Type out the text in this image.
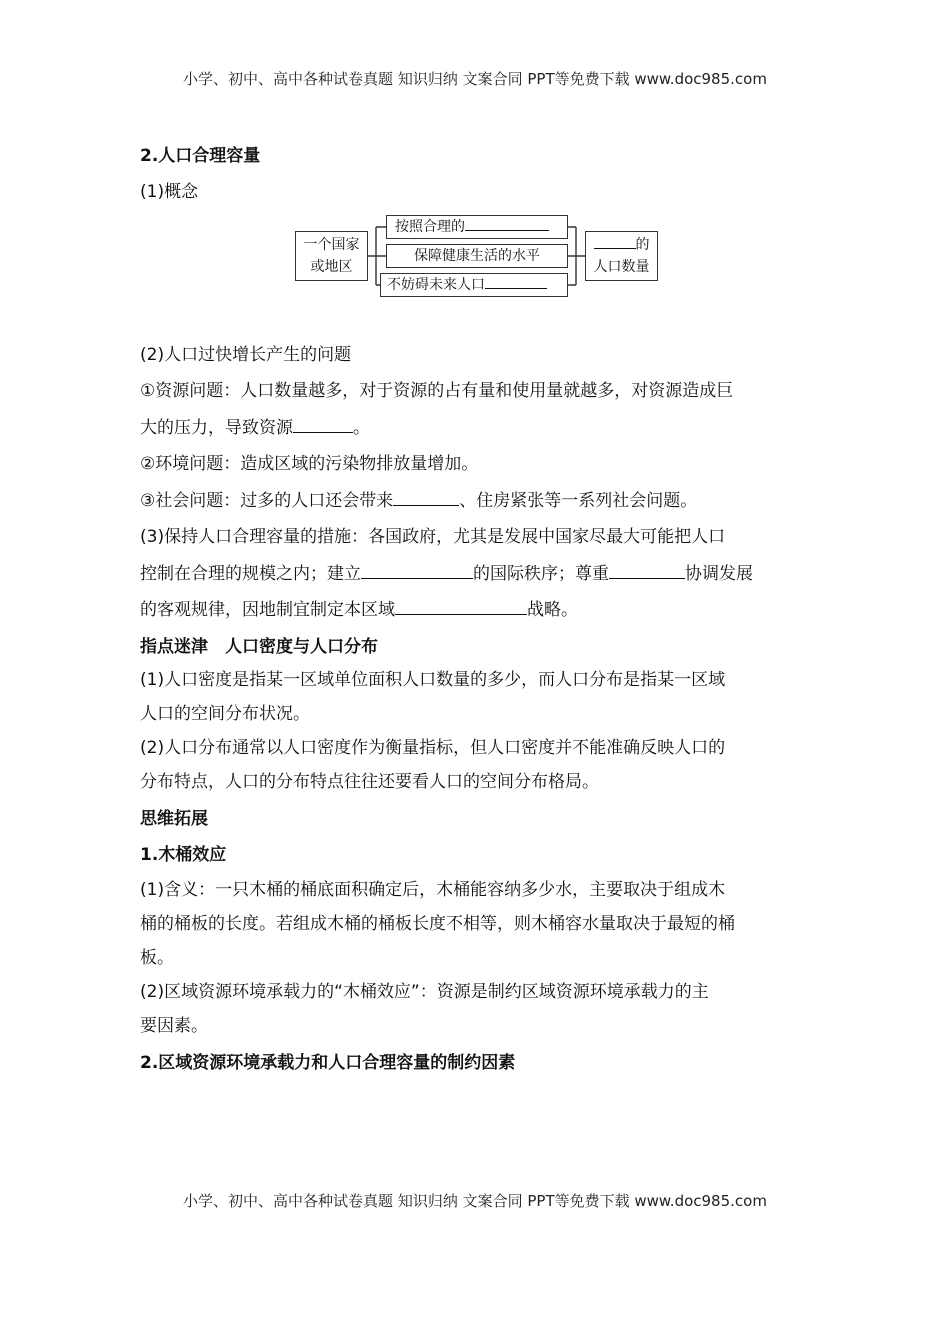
小学、初中、高中各种试卷真题 知识归纳 文案合同 PPT等免费下载 www.doc985.com

2.人口合理容量

(1)概念

一个国家
或地区
按照合理的
保障健康生活的水平
不妨碍未来人口
的
人口数量

(2)人口过快增长产生的问题

①资源问题：人口数量越多，对于资源的占有量和使用量就越多，对资源造成巨
大的压力，导致资源	。

②环境问题：造成区域的污染物排放量增加。

③社会问题：过多的人口还会带来	、住房紧张等一系列社会问题。

(3)保持人口合理容量的措施：各国政府，尤其是发展中国家尽最大可能把人口
控制在合理的规模之内；建立	的国际秩序；尊重	协调发展
的客观规律，因地制宜制定本区域	战略。

指点迷津　人口密度与人口分布

(1)人口密度是指某一区域单位面积人口数量的多少，而人口分布是指某一区域
人口的空间分布状况。

(2)人口分布通常以人口密度作为衡量指标，但人口密度并不能准确反映人口的
分布特点，人口的分布特点往往还要看人口的空间分布格局。

思维拓展

1.木桶效应

(1)含义：一只木桶的桶底面积确定后，木桶能容纳多少水，主要取决于组成木
桶的桶板的长度。若组成木桶的桶板长度不相等，则木桶容水量取决于最短的桶
板。

(2)区域资源环境承载力的“木桶效应”：资源是制约区域资源环境承载力的主
要因素。

2.区域资源环境承载力和人口合理容量的制约因素

小学、初中、高中各种试卷真题 知识归纳 文案合同 PPT等免费下载 www.doc985.com
